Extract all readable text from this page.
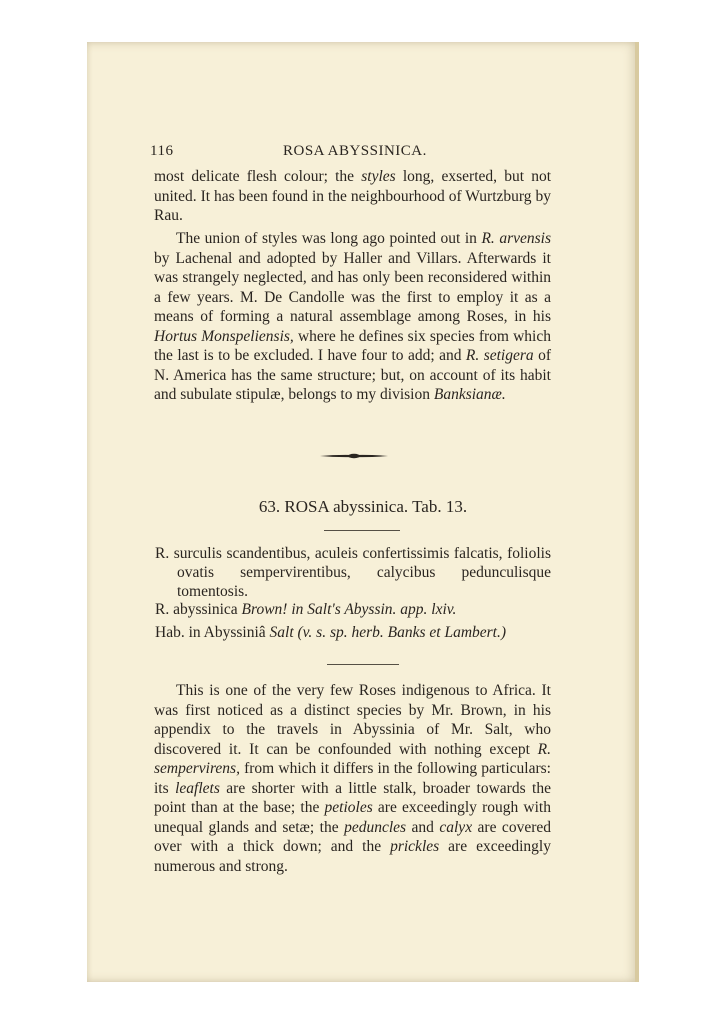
116	ROSA ABYSSINICA.

most delicate flesh colour; the styles long, exserted, but not united. It has been found in the neighbourhood of Wurtzburg by Rau.

The union of styles was long ago pointed out in R. arvensis by Lachenal and adopted by Haller and Villars. Afterwards it was strangely neglected, and has only been reconsidered within a few years. M. De Candolle was the first to employ it as a means of forming a natural assemblage among Roses, in his Hortus Monspeliensis, where he defines six species from which the last is to be excluded. I have four to add; and R. setigera of N. America has the same structure; but, on account of its habit and subulate stipulæ, belongs to my division Banksianæ.

63. ROSA abyssinica. Tab. 13.

R. surculis scandentibus, aculeis confertissimis falcatis, foliolis ovatis sempervirentibus, calycibus pedunculisque tomentosis.

R. abyssinica Brown! in Salt's Abyssin. app. lxiv.

Hab. in Abyssiniâ Salt (v. s. sp. herb. Banks et Lambert.)

This is one of the very few Roses indigenous to Africa. It was first noticed as a distinct species by Mr. Brown, in his appendix to the travels in Abyssinia of Mr. Salt, who discovered it. It can be confounded with nothing except R. sempervirens, from which it differs in the following particulars: its leaflets are shorter with a little stalk, broader towards the point than at the base; the petioles are exceedingly rough with unequal glands and setæ; the peduncles and calyx are covered over with a thick down; and the prickles are exceedingly numerous and strong.
